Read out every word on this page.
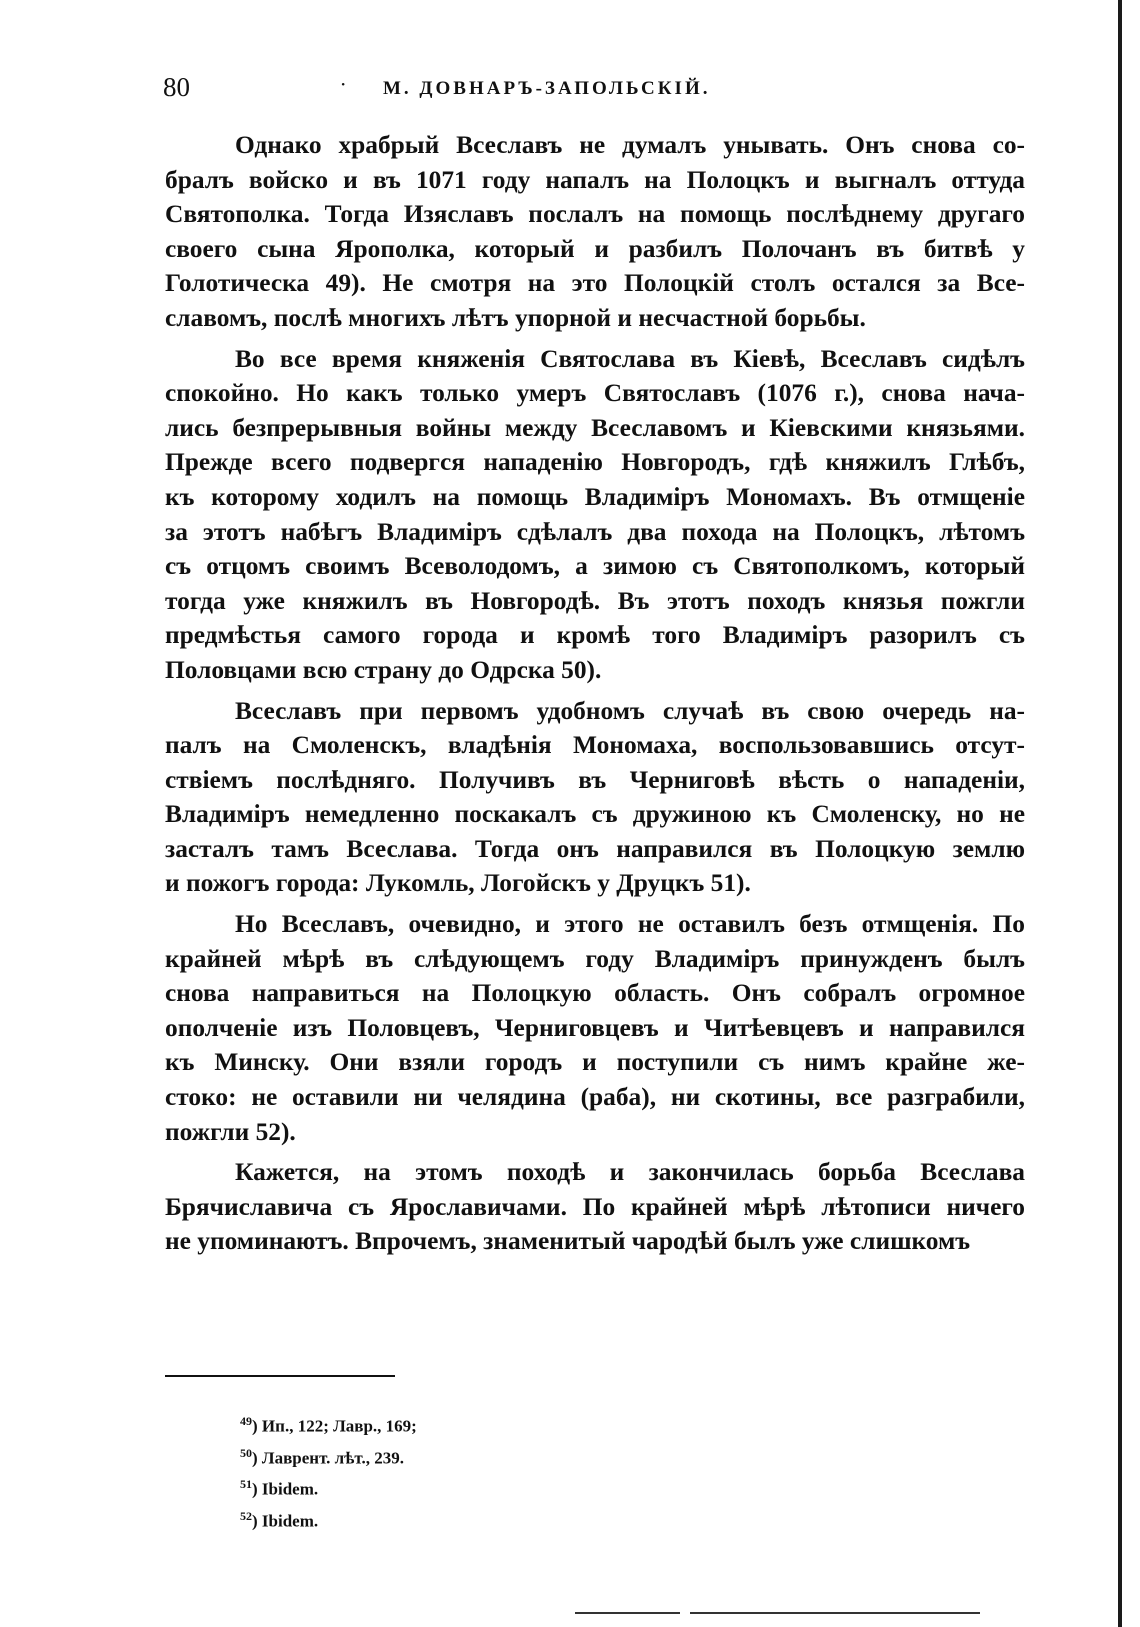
80	· М. ДОВНАРЪ-ЗАПОЛЬСКІЙ.
Однако храбрый Всеславъ не думалъ унывать. Онъ снова со-
бралъ войско и въ 1071 году напалъ на Полоцкъ и выгналъ оттуда
Святополка. Тогда Изяславъ послалъ на помощь послѣднему другаго
своего сына Ярополка, который и разбилъ Полочанъ въ битвѣ у
Голотическа 49). Не смотря на это Полоцкій столъ остался за Все-
славомъ, послѣ многихъ лѣтъ упорной и несчастной борьбы.
Во все время княженія Святослава въ Кіевѣ, Всеславъ сидѣлъ
спокойно. Но какъ только умеръ Святославъ (1076 г.), снова нача-
лись безпрерывныя войны между Всеславомъ и Кіевскими князьями.
Прежде всего подвергся нападенію Новгородъ, гдѣ княжилъ Глѣбъ,
къ которому ходилъ на помощь Владиміръ Мономахъ. Въ отмщеніе
за этотъ набѣгъ Владиміръ сдѣлалъ два похода на Полоцкъ, лѣтомъ
съ отцомъ своимъ Всеволодомъ, а зимою съ Святополкомъ, который
тогда уже княжилъ въ Новгородѣ. Въ этотъ походъ князья пожгли
предмѣстья самого города и кромѣ того Владиміръ разорилъ съ
Половцами всю страну до Одрска 50).
Всеславъ при первомъ удобномъ случаѣ въ свою очередь на-
палъ на Смоленскъ, владѣнія Мономаха, воспользовавшись отсут-
ствіемъ послѣдняго. Получивъ въ Черниговѣ вѣсть о нападеніи,
Владиміръ немедленно поскакалъ съ дружиною къ Смоленску, но не
засталъ тамъ Всеслава. Тогда онъ направился въ Полоцкую землю
и пожогъ города: Лукомль, Логойскъ у Друцкъ 51).
Но Всеславъ, очевидно, и этого не оставилъ безъ отмщенія. По
крайней мѣрѣ въ слѣдующемъ году Владиміръ принужденъ былъ
снова направиться на Полоцкую область. Онъ собралъ огромное
ополченіе изъ Половцевъ, Черниговцевъ и Читѣевцевъ и направился
къ Минску. Они взяли городъ и поступили съ нимъ крайне же-
стоко: не оставили ни челядина (раба), ни скотины, все разграбили,
пожгли 52).
Кажется, на этомъ походѣ и закончилась борьба Всеслава
Брячиславича съ Ярославичами. По крайней мѣрѣ лѣтописи ничего
не упоминаютъ. Впрочемъ, знаменитый чародѣй былъ уже слишкомъ
$^{49}$) Ип., 122; Лавр., 169;
$^{50}$) Лаврент. лѣт., 239.
$^{51}$) Ibidem.
$^{52}$) Ibidem.
